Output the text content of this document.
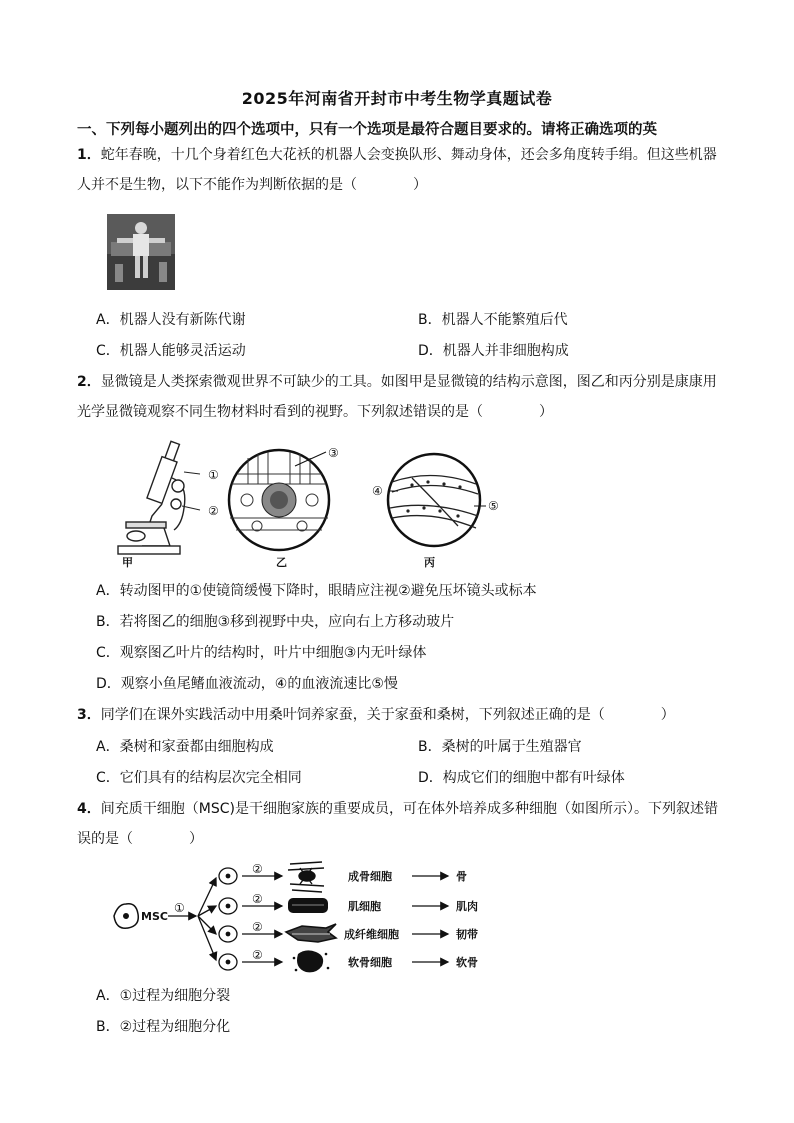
2025年河南省开封市中考生物学真题试卷
一、下列每小题列出的四个选项中，只有一个选项是最符合题目要求的。请将正确选项的英
1．蛇年春晚，十几个身着红色大花袄的机器人会变换队形、舞动身体，还会多角度转手绢。但这些机器
人并不是生物，以下不能作为判断依据的是（　　　　）
A．机器人没有新陈代谢	B．机器人不能繁殖后代
C．机器人能够灵活运动	D．机器人并非细胞构成
2．显微镜是人类探索微观世界不可缺少的工具。如图甲是显微镜的结构示意图，图乙和丙分别是康康用
光学显微镜观察不同生物材料时看到的视野。下列叙述错误的是（　　　　）
①
②
甲
③
乙
④
⑤
丙
A．转动图甲的①使镜筒缓慢下降时，眼睛应注视②避免压坏镜头或标本
B．若将图乙的细胞③移到视野中央，应向右上方移动玻片
C．观察图乙叶片的结构时，叶片中细胞③内无叶绿体
D．观察小鱼尾鳍血液流动，④的血液流速比⑤慢
3．同学们在课外实践活动中用桑叶饲养家蚕，关于家蚕和桑树，下列叙述正确的是（　　　　）
A．桑树和家蚕都由细胞构成	B．桑树的叶属于生殖器官
C．它们具有的结构层次完全相同	D．构成它们的细胞中都有叶绿体
4．间充质干细胞（MSC)是干细胞家族的重要成员，可在体外培养成多种细胞（如图所示）。下列叙述错
误的是（　　　　）
MSC
①
②
②
②
②
成骨细胞
肌细胞
成纤维细胞
软骨细胞
骨
肌肉
韧带
软骨
A．①过程为细胞分裂
B．②过程为细胞分化
